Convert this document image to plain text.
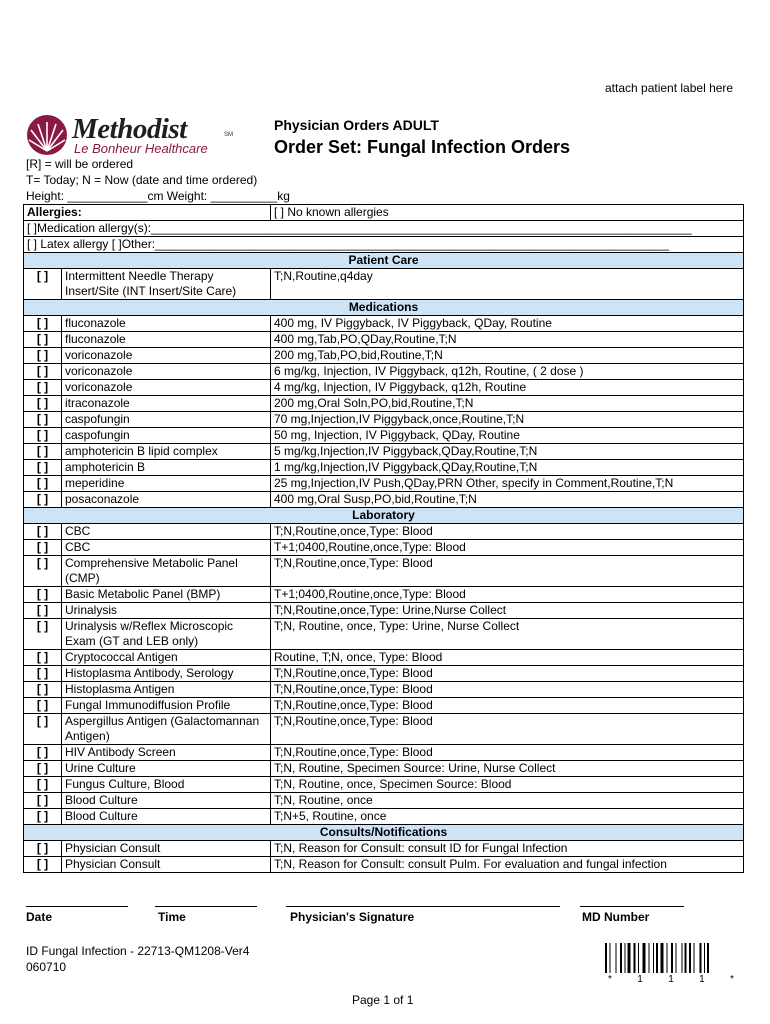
attach patient label here
Methodist	SM
Le Bonheur Healthcare
Physician Orders ADULT
Order Set: Fungal Infection Orders
[R] = will be ordered
T= Today; N = Now (date and time ordered)
Height: ____________cm Weight: __________kg
Allergies:		[ ] No known allergies
[ ]Medication allergy(s):_________________________________________________________________________________		
[ ] Latex allergy [ ]Other:_____________________________________________________________________________		
Patient Care		
[ ]	Intermittent Needle Therapy Insert/Site (INT Insert/Site Care)	T;N,Routine,q4day
Medications		
[ ]	fluconazole	400 mg, IV Piggyback, IV Piggyback, QDay, Routine
[ ]	fluconazole	400 mg,Tab,PO,QDay,Routine,T;N
[ ]	voriconazole	200 mg,Tab,PO,bid,Routine,T;N
[ ]	voriconazole	6 mg/kg, Injection, IV Piggyback, q12h, Routine, ( 2 dose )
[ ]	voriconazole	4 mg/kg, Injection, IV Piggyback, q12h, Routine
[ ]	itraconazole	200 mg,Oral Soln,PO,bid,Routine,T;N
[ ]	caspofungin	70 mg,Injection,IV Piggyback,once,Routine,T;N
[ ]	caspofungin	50 mg, Injection, IV Piggyback, QDay, Routine
[ ]	amphotericin B lipid complex	5 mg/kg,Injection,IV Piggyback,QDay,Routine,T;N
[ ]	amphotericin B	1 mg/kg,Injection,IV Piggyback,QDay,Routine,T;N
[ ]	meperidine	25 mg,Injection,IV Push,QDay,PRN Other, specify in Comment,Routine,T;N
[ ]	posaconazole	400 mg,Oral Susp,PO,bid,Routine,T;N
Laboratory		
[ ]	CBC	T;N,Routine,once,Type: Blood
[ ]	CBC	T+1;0400,Routine,once,Type: Blood
[ ]	Comprehensive Metabolic Panel (CMP)	T;N,Routine,once,Type: Blood
[ ]	Basic Metabolic Panel (BMP)	T+1;0400,Routine,once,Type: Blood
[ ]	Urinalysis	T;N,Routine,once,Type: Urine,Nurse Collect
[ ]	Urinalysis w/Reflex Microscopic Exam (GT and LEB only)	T;N, Routine, once, Type: Urine, Nurse Collect
[ ]	Cryptococcal Antigen	Routine, T;N, once, Type: Blood
[ ]	Histoplasma Antibody, Serology	T;N,Routine,once,Type: Blood
[ ]	Histoplasma Antigen	T;N,Routine,once,Type: Blood
[ ]	Fungal Immunodiffusion Profile	T;N,Routine,once,Type: Blood
[ ]	Aspergillus Antigen (Galactomannan Antigen)	T;N,Routine,once,Type: Blood
[ ]	HIV Antibody Screen	T;N,Routine,once,Type: Blood
[ ]	Urine Culture	T;N, Routine, Specimen Source: Urine, Nurse Collect
[ ]	Fungus Culture, Blood	T;N, Routine, once, Specimen Source: Blood
[ ]	Blood Culture	T;N, Routine, once
[ ]	Blood Culture	T;N+5, Routine, once
Consults/Notifications		
[ ]	Physician Consult	T;N, Reason for Consult: consult ID for Fungal Infection
[ ]	Physician Consult	T;N, Reason for Consult: consult Pulm. For evaluation and fungal infection
Date	Time	Physician's Signature	MD Number
ID Fungal Infection - 22713-QM1208-Ver4
060710
*	1	1	1	*
Page 1 of 1
